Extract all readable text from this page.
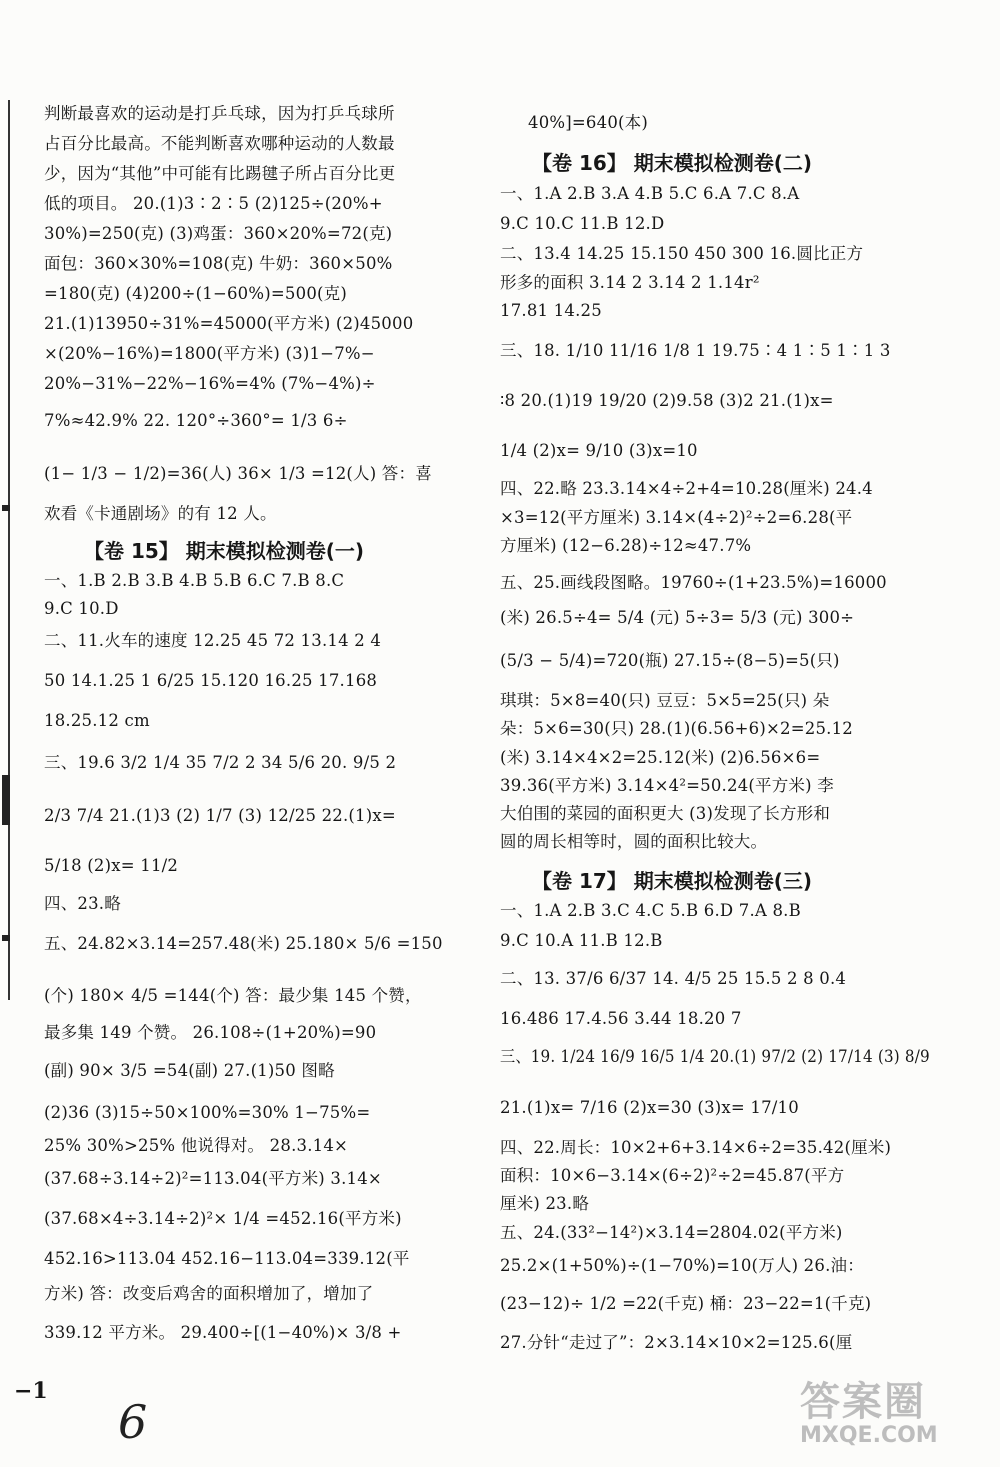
判断最喜欢的运动是打乒乓球，因为打乒乓球所
占百分比最高。不能判断喜欢哪种运动的人数最
少，因为“其他”中可能有比踢毽子所占百分比更
低的项目。 20.(1)3∶2∶5 (2)125÷(20%+
30%)=250(克) (3)鸡蛋：360×20%=72(克)
面包：360×30%=108(克) 牛奶：360×50%
=180(克) (4)200÷(1−60%)=500(克)
21.(1)13950÷31%=45000(平方米) (2)45000
×(20%−16%)=1800(平方米) (3)1−7%−
20%−31%−22%−16%=4% (7%−4%)÷
7%≈42.9% 22. 120°÷360°= 1/3 6÷
(1− 1/3 − 1/2)=36(人) 36× 1/3 =12(人) 答：喜
欢看《卡通剧场》的有 12 人。
【卷 15】 期末模拟检测卷(一)
一、1.B 2.B 3.B 4.B 5.B 6.C 7.B 8.C
9.C 10.D
二、11.火车的速度 12.25 45 72 13.14 2 4
50 14.1.25 1 6/25 15.120 16.25 17.168
18.25.12 cm
三、19.6 3/2 1/4 35 7/2 2 34 5/6 20. 9/5 2
2/3 7/4 21.(1)3 (2) 1/7 (3) 12/25 22.(1)x=
5/18 (2)x= 11/2
四、23.略
五、24.82×3.14=257.48(米) 25.180× 5/6 =150
(个) 180× 4/5 =144(个) 答：最少集 145 个赞，
最多集 149 个赞。 26.108÷(1+20%)=90
(副) 90× 3/5 =54(副) 27.(1)50 图略
(2)36 (3)15÷50×100%=30% 1−75%=
25% 30%>25% 他说得对。 28.3.14×
(37.68÷3.14÷2)²=113.04(平方米) 3.14×
(37.68×4÷3.14÷2)²× 1/4 =452.16(平方米)
452.16>113.04 452.16−113.04=339.12(平
方米) 答：改变后鸡舍的面积增加了，增加了
339.12 平方米。 29.400÷[(1−40%)× 3/8 +
40%]=640(本)
【卷 16】 期末模拟检测卷(二)
一、1.A 2.B 3.A 4.B 5.C 6.A 7.C 8.A
9.C 10.C 11.B 12.D
二、13.4 14.25 15.150 450 300 16.圆比正方
形多的面积 3.14 2 3.14 2 1.14r²
17.81 14.25
三、18. 1/10 11/16 1/8 1 19.75∶4 1∶5 1∶1 3
∶8 20.(1)19 19/20 (2)9.58 (3)2 21.(1)x=
1/4 (2)x= 9/10 (3)x=10
四、22.略 23.3.14×4÷2+4=10.28(厘米) 24.4
×3=12(平方厘米) 3.14×(4÷2)²÷2=6.28(平
方厘米) (12−6.28)÷12≈47.7%
五、25.画线段图略。19760÷(1+23.5%)=16000
(米) 26.5÷4= 5/4 (元) 5÷3= 5/3 (元) 300÷
(5/3 − 5/4)=720(瓶) 27.15÷(8−5)=5(只)
琪琪：5×8=40(只) 豆豆：5×5=25(只) 朵
朵：5×6=30(只) 28.(1)(6.56+6)×2=25.12
(米) 3.14×4×2=25.12(米) (2)6.56×6=
39.36(平方米) 3.14×4²=50.24(平方米) 李
大伯围的菜园的面积更大 (3)发现了长方形和
圆的周长相等时，圆的面积比较大。
【卷 17】 期末模拟检测卷(三)
一、1.A 2.B 3.C 4.C 5.B 6.D 7.A 8.B
9.C 10.A 11.B 12.B
二、13. 37/6 6/37 14. 4/5 25 15.5 2 8 0.4
16.486 17.4.56 3.44 18.20 7
三、19. 1/24 16/9 16/5 1/4 20.(1) 97/2 (2) 17/14 (3) 8/9
21.(1)x= 7/16 (2)x=30 (3)x= 17/10
四、22.周长：10×2+6+3.14×6÷2=35.42(厘米)
面积：10×6−3.14×(6÷2)²÷2=45.87(平方
厘米) 23.略
五、24.(33²−14²)×3.14=2804.02(平方米)
25.2×(1+50%)÷(1−70%)=10(万人) 26.油：
(23−12)÷ 1/2 =22(千克) 桶：23−22=1(千克)
27.分针“走过了”：2×3.14×10×2=125.6(厘
−1
6	答案圈
MXQE.COM
